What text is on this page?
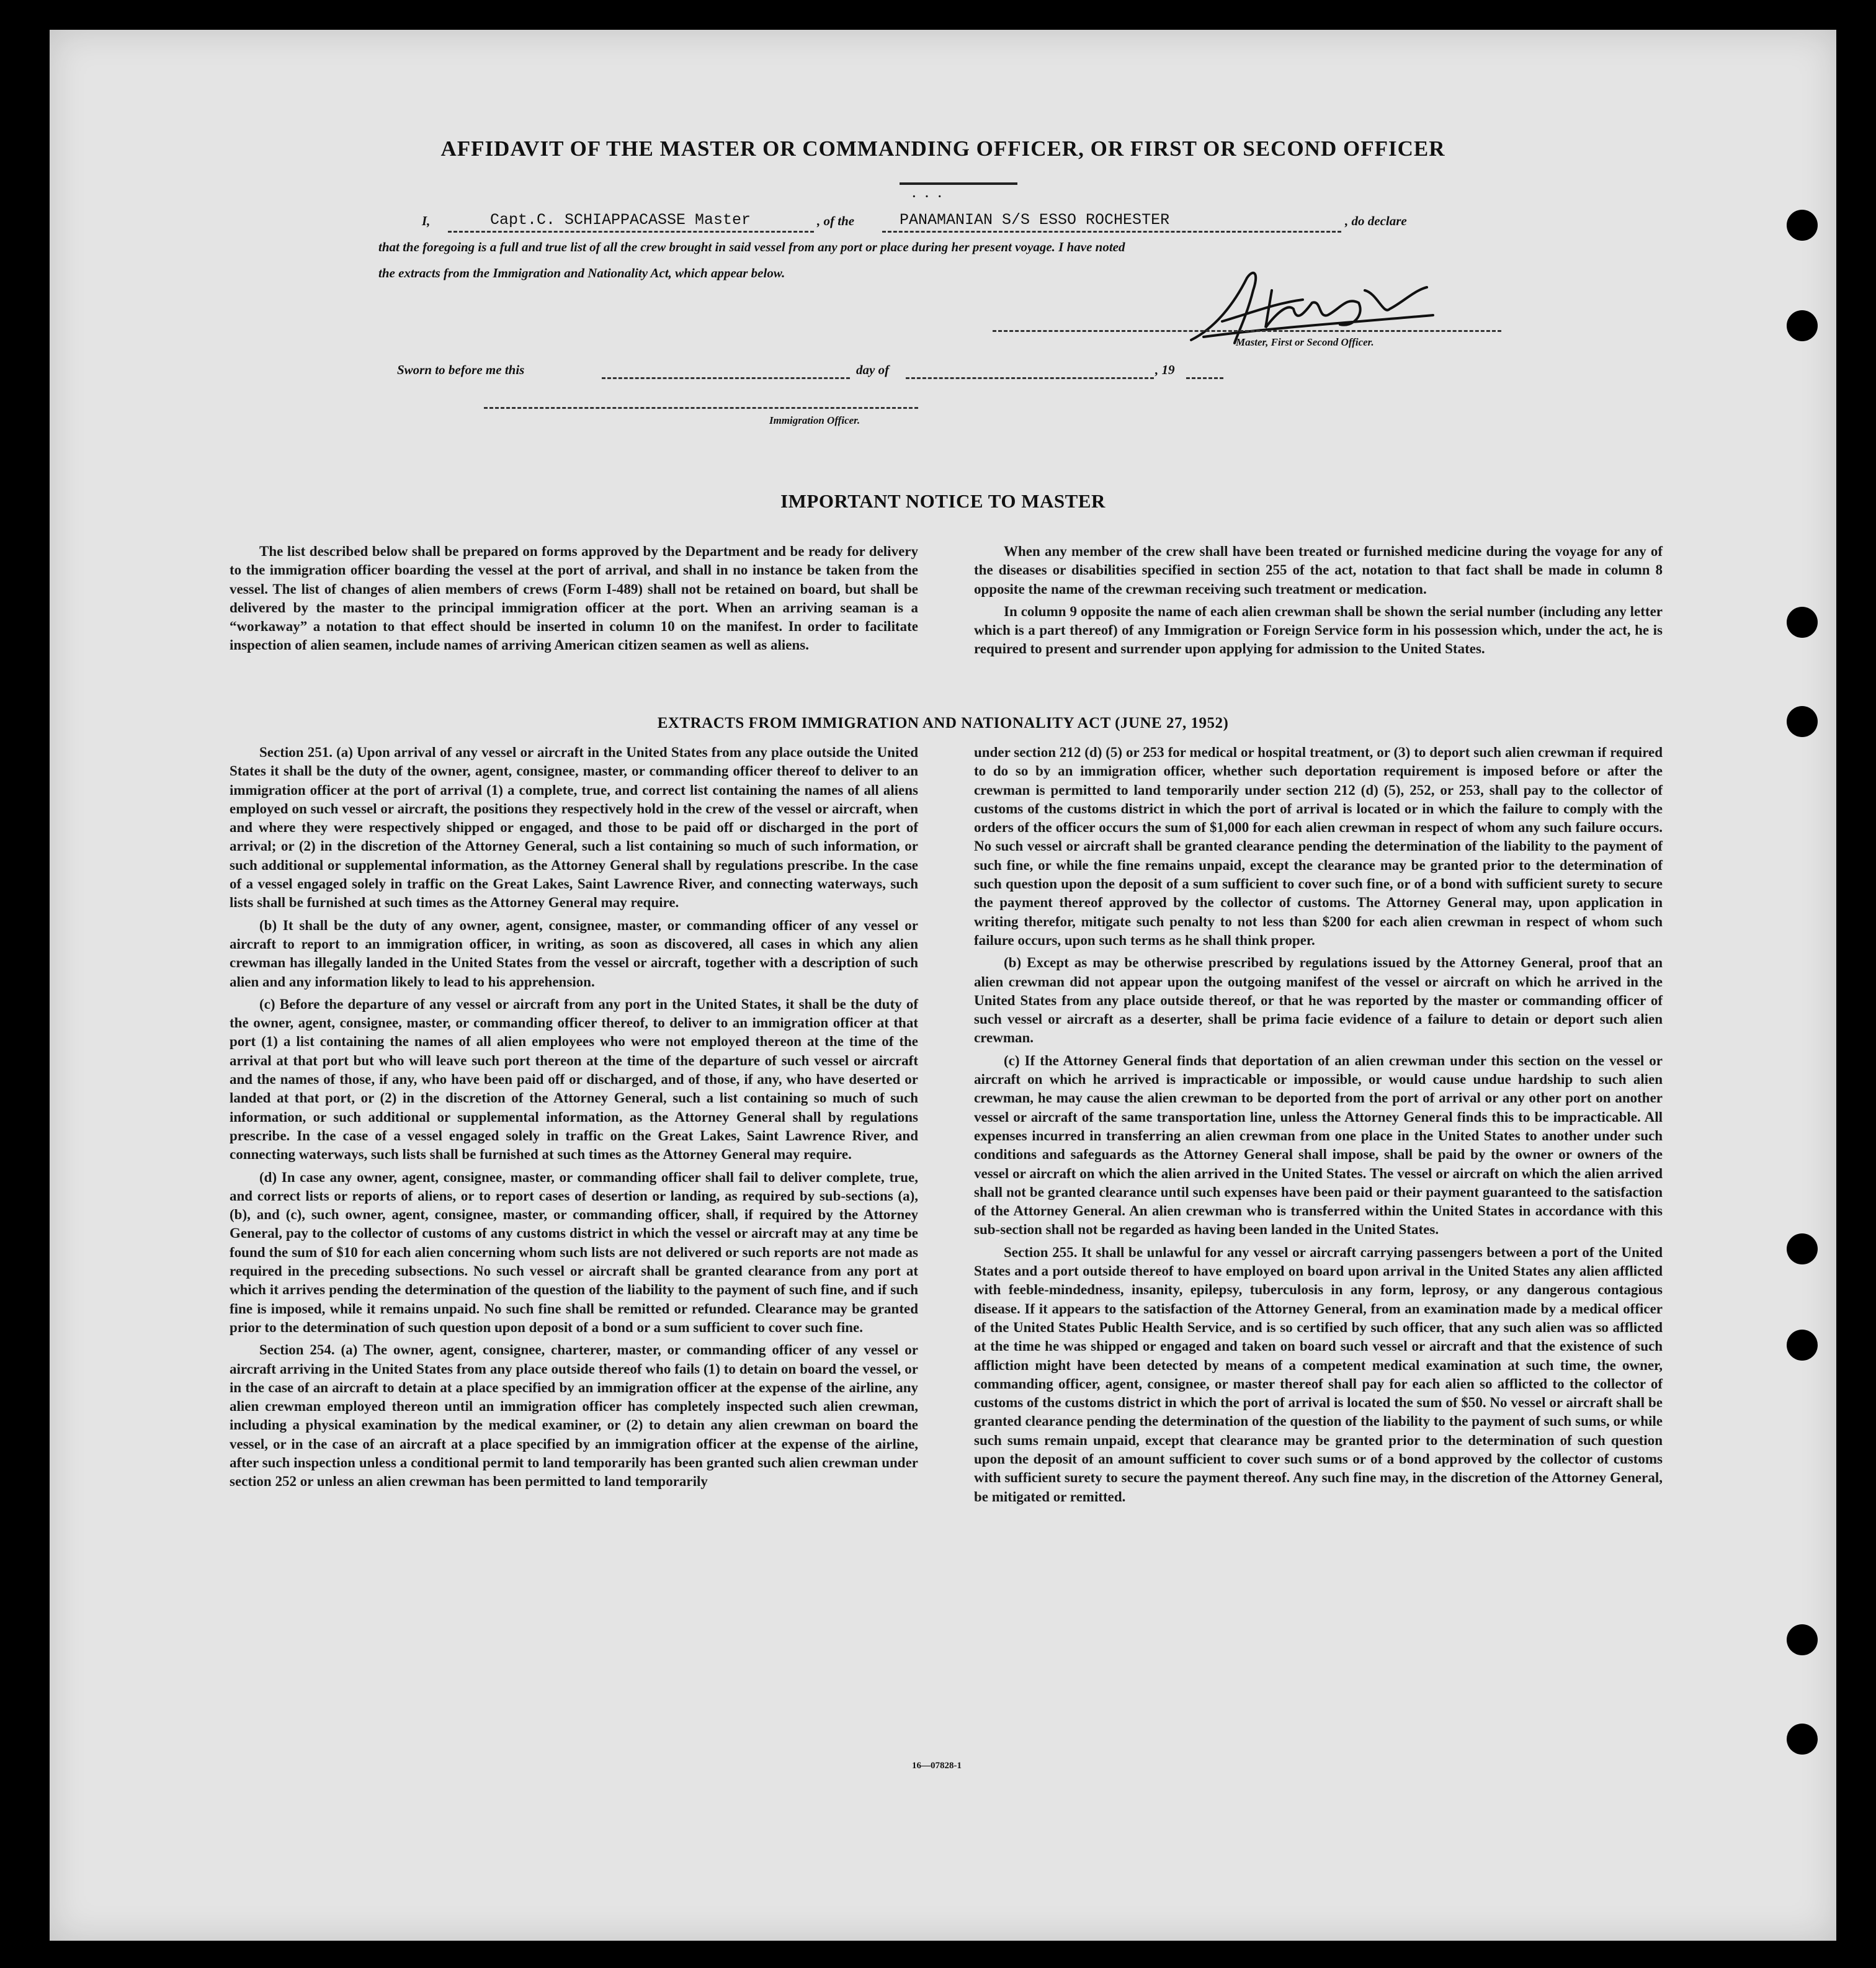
AFFIDAVIT OF THE MASTER OR COMMANDING OFFICER, OR FIRST OR SECOND OFFICER
···
I,	Capt.C. SCHIAPPACASSE Master	, of the	PANAMANIAN S/S ESSO ROCHESTER	, do declare
that the foregoing is a full and true list of all the crew brought in said vessel from any port or place during her present voyage. I have noted
the extracts from the Immigration and Nationality Act, which appear below.
Master, First or Second Officer.
Sworn to before me this	day of	, 19
Immigration Officer.
IMPORTANT NOTICE TO MASTER

The list described below shall be prepared on forms approved by the Department and be ready for delivery to the immigration officer boarding the vessel at the port of arrival, and shall in no instance be taken from the vessel. The list of changes of alien members of crews (Form I-489) shall not be retained on board, but shall be delivered by the master to the principal immigration officer at the port. When an arriving seaman is a “workaway” a notation to that effect should be inserted in column 10 on the manifest. In order to facilitate inspection of alien seamen, include names of arriving American citizen seamen as well as aliens.

When any member of the crew shall have been treated or furnished medicine during the voyage for any of the diseases or disabilities specified in section 255 of the act, notation to that fact shall be made in column 8 opposite the name of the crewman receiving such treatment or medication.

In column 9 opposite the name of each alien crewman shall be shown the serial number (including any letter which is a part thereof) of any Immigration or Foreign Service form in his possession which, under the act, he is required to present and surrender upon applying for admission to the United States.

EXTRACTS FROM IMMIGRATION AND NATIONALITY ACT (JUNE 27, 1952)

Section 251. (a) Upon arrival of any vessel or aircraft in the United States from any place outside the United States it shall be the duty of the owner, agent, consignee, master, or commanding officer thereof to deliver to an immigration officer at the port of arrival (1) a complete, true, and correct list containing the names of all aliens employed on such vessel or aircraft, the positions they respectively hold in the crew of the vessel or aircraft, when and where they were respectively shipped or engaged, and those to be paid off or discharged in the port of arrival; or (2) in the discretion of the Attorney General, such a list containing so much of such information, or such additional or supplemental information, as the Attorney General shall by regulations prescribe. In the case of a vessel engaged solely in traffic on the Great Lakes, Saint Lawrence River, and connecting waterways, such lists shall be furnished at such times as the Attorney General may require.

(b) It shall be the duty of any owner, agent, consignee, master, or commanding officer of any vessel or aircraft to report to an immigration officer, in writing, as soon as discovered, all cases in which any alien crewman has illegally landed in the United States from the vessel or aircraft, together with a description of such alien and any information likely to lead to his apprehension.

(c) Before the departure of any vessel or aircraft from any port in the United States, it shall be the duty of the owner, agent, consignee, master, or commanding officer thereof, to deliver to an immigration officer at that port (1) a list containing the names of all alien employees who were not employed thereon at the time of the arrival at that port but who will leave such port thereon at the time of the departure of such vessel or aircraft and the names of those, if any, who have been paid off or discharged, and of those, if any, who have deserted or landed at that port, or (2) in the discretion of the Attorney General, such a list containing so much of such information, or such additional or supplemental information, as the Attorney General shall by regulations prescribe. In the case of a vessel engaged solely in traffic on the Great Lakes, Saint Lawrence River, and connecting waterways, such lists shall be furnished at such times as the Attorney General may require.

(d) In case any owner, agent, consignee, master, or commanding officer shall fail to deliver complete, true, and correct lists or reports of aliens, or to report cases of desertion or landing, as required by sub-sections (a), (b), and (c), such owner, agent, consignee, master, or commanding officer, shall, if required by the Attorney General, pay to the collector of customs of any customs district in which the vessel or aircraft may at any time be found the sum of $10 for each alien concerning whom such lists are not delivered or such reports are not made as required in the preceding subsections. No such vessel or aircraft shall be granted clearance from any port at which it arrives pending the determination of the question of the liability to the payment of such fine, and if such fine is imposed, while it remains unpaid. No such fine shall be remitted or refunded. Clearance may be granted prior to the determination of such question upon deposit of a bond or a sum sufficient to cover such fine.

Section 254. (a) The owner, agent, consignee, charterer, master, or commanding officer of any vessel or aircraft arriving in the United States from any place outside thereof who fails (1) to detain on board the vessel, or in the case of an aircraft to detain at a place specified by an immigration officer at the expense of the airline, any alien crewman employed thereon until an immigration officer has completely inspected such alien crewman, including a physical examination by the medical examiner, or (2) to detain any alien crewman on board the vessel, or in the case of an aircraft at a place specified by an immigration officer at the expense of the airline, after such inspection unless a conditional permit to land temporarily has been granted such alien crewman under section 252 or unless an alien crewman has been permitted to land temporarily

under section 212 (d) (5) or 253 for medical or hospital treatment, or (3) to deport such alien crewman if required to do so by an immigration officer, whether such deportation requirement is imposed before or after the crewman is permitted to land temporarily under section 212 (d) (5), 252, or 253, shall pay to the collector of customs of the customs district in which the port of arrival is located or in which the failure to comply with the orders of the officer occurs the sum of $1,000 for each alien crewman in respect of whom any such failure occurs. No such vessel or aircraft shall be granted clearance pending the determination of the liability to the payment of such fine, or while the fine remains unpaid, except the clearance may be granted prior to the determination of such question upon the deposit of a sum sufficient to cover such fine, or of a bond with sufficient surety to secure the payment thereof approved by the collector of customs. The Attorney General may, upon application in writing therefor, mitigate such penalty to not less than $200 for each alien crewman in respect of whom such failure occurs, upon such terms as he shall think proper.

(b) Except as may be otherwise prescribed by regulations issued by the Attorney General, proof that an alien crewman did not appear upon the outgoing manifest of the vessel or aircraft on which he arrived in the United States from any place outside thereof, or that he was reported by the master or commanding officer of such vessel or aircraft as a deserter, shall be prima facie evidence of a failure to detain or deport such alien crewman.

(c) If the Attorney General finds that deportation of an alien crewman under this section on the vessel or aircraft on which he arrived is impracticable or impossible, or would cause undue hardship to such alien crewman, he may cause the alien crewman to be deported from the port of arrival or any other port on another vessel or aircraft of the same transportation line, unless the Attorney General finds this to be impracticable. All expenses incurred in transferring an alien crewman from one place in the United States to another under such conditions and safeguards as the Attorney General shall impose, shall be paid by the owner or owners of the vessel or aircraft on which the alien arrived in the United States. The vessel or aircraft on which the alien arrived shall not be granted clearance until such expenses have been paid or their payment guaranteed to the satisfaction of the Attorney General. An alien crewman who is transferred within the United States in accordance with this sub-section shall not be regarded as having been landed in the United States.

Section 255. It shall be unlawful for any vessel or aircraft carrying passengers between a port of the United States and a port outside thereof to have employed on board upon arrival in the United States any alien afflicted with feeble-mindedness, insanity, epilepsy, tuberculosis in any form, leprosy, or any dangerous contagious disease. If it appears to the satisfaction of the Attorney General, from an examination made by a medical officer of the United States Public Health Service, and is so certified by such officer, that any such alien was so afflicted at the time he was shipped or engaged and taken on board such vessel or aircraft and that the existence of such affliction might have been detected by means of a competent medical examination at such time, the owner, commanding officer, agent, consignee, or master thereof shall pay for each alien so afflicted to the collector of customs of the customs district in which the port of arrival is located the sum of $50. No vessel or aircraft shall be granted clearance pending the determination of the question of the liability to the payment of such sums, or while such sums remain unpaid, except that clearance may be granted prior to the determination of such question upon the deposit of an amount sufficient to cover such sums or of a bond approved by the collector of customs with sufficient surety to secure the payment thereof. Any such fine may, in the discretion of the Attorney General, be mitigated or remitted.

16—07828-1
